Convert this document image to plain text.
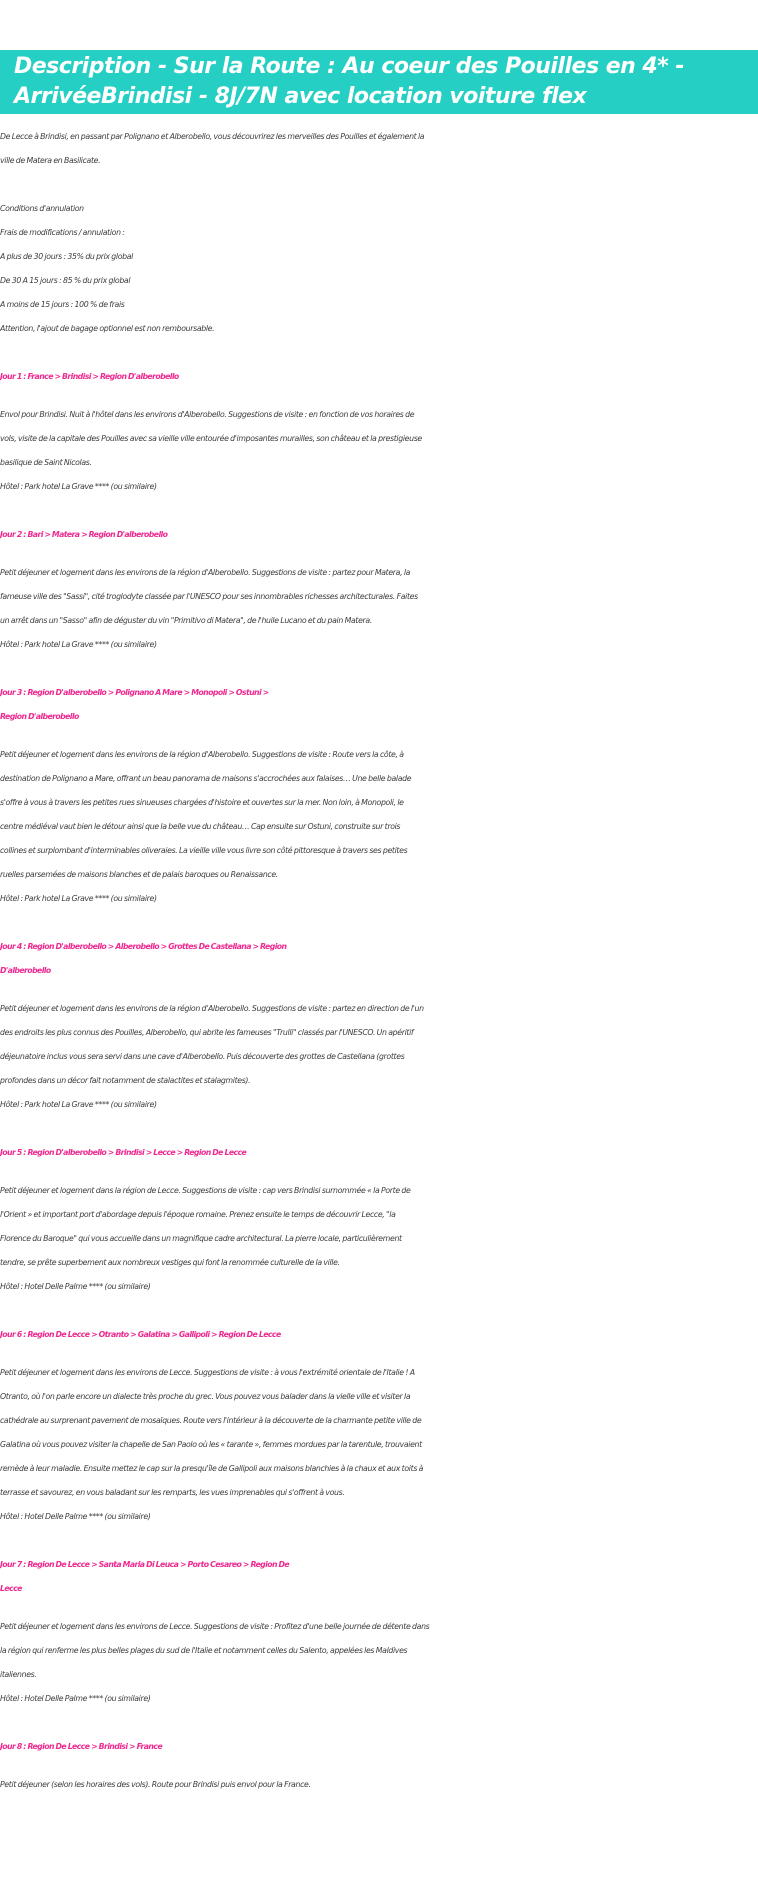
Description - Sur la Route : Au coeur des Pouilles en 4* - ArrivéeBrindisi - 8J/7N avec location voiture flex
De Lecce à Brindisi, en passant par Polignano et Alberobello, vous découvrirez les merveilles des Pouilles et également la
ville de Matera en Basilicate.
Conditions d'annulation
Frais de modifications / annulation :
A plus de 30 jours : 35% du prix global
De 30 A 15 jours : 85 % du prix global
A moins de 15 jours : 100 % de frais
Attention, l'ajout de bagage optionnel est non remboursable.
Jour 1 : France > Brindisi > Region D'alberobello
Envol pour Brindisi. Nuit à l'hôtel dans les environs d'Alberobello. Suggestions de visite : en fonction de vos horaires de
vols, visite de la capitale des Pouilles avec sa vieille ville entourée d'imposantes murailles, son château et la prestigieuse
basilique de Saint Nicolas.
Hôtel : Park hotel La Grave **** (ou similaire)
Jour 2 : Bari > Matera > Region D'alberobello
Petit déjeuner et logement dans les environs de la région d'Alberobello. Suggestions de visite : partez pour Matera, la
fameuse ville des "Sassi", cité troglodyte classée par l'UNESCO pour ses innombrables richesses architecturales. Faites
un arrêt dans un "Sasso" afin de déguster du vin "Primitivo di Matera", de l'huile Lucano et du pain Matera.
Hôtel : Park hotel La Grave **** (ou similaire)
Jour 3 : Region D'alberobello > Polignano A Mare > Monopoli > Ostuni >
Region D'alberobello
Petit déjeuner et logement dans les environs de la région d'Alberobello. Suggestions de visite : Route vers la côte, à
destination de Polignano a Mare, offrant un beau panorama de maisons s'accrochées aux falaises… Une belle balade
s'offre à vous à travers les petites rues sinueuses chargées d'histoire et ouvertes sur la mer. Non loin, à Monopoli, le
centre médiéval vaut bien le détour ainsi que la belle vue du château… Cap ensuite sur Ostuni, construite sur trois
collines et surplombant d'interminables oliveraies. La vieille ville vous livre son côté pittoresque à travers ses petites
ruelles parsemées de maisons blanches et de palais baroques ou Renaissance.
Hôtel : Park hotel La Grave **** (ou similaire)
Jour 4 : Region D'alberobello > Alberobello > Grottes De Castellana > Region
D'alberobello
Petit déjeuner et logement dans les environs de la région d'Alberobello. Suggestions de visite : partez en direction de l'un
des endroits les plus connus des Pouilles, Alberobello, qui abrite les fameuses "Trulli" classés par l'UNESCO. Un apéritif
déjeunatoire inclus vous sera servi dans une cave d'Alberobello. Puis découverte des grottes de Castellana (grottes
profondes dans un décor fait notamment de stalactites et stalagmites).
Hôtel : Park hotel La Grave **** (ou similaire)
Jour 5 : Region D'alberobello > Brindisi > Lecce > Region De Lecce
Petit déjeuner et logement dans la région de Lecce. Suggestions de visite : cap vers Brindisi surnommée « la Porte de
l'Orient » et important port d'abordage depuis l'époque romaine. Prenez ensuite le temps de découvrir Lecce, "la
Florence du Baroque" qui vous accueille dans un magnifique cadre architectural. La pierre locale, particulièrement
tendre, se prête superbement aux nombreux vestiges qui font la renommée culturelle de la ville.
Hôtel : Hotel Delle Palme **** (ou similaire)
Jour 6 : Region De Lecce > Otranto > Galatina > Gallipoli > Region De Lecce
Petit déjeuner et logement dans les environs de Lecce. Suggestions de visite : à vous l'extrémité orientale de l'Italie ! A
Otranto, où l'on parle encore un dialecte très proche du grec. Vous pouvez vous balader dans la vielle ville et visiter la
cathédrale au surprenant pavement de mosaïques. Route vers l'intérieur à la découverte de la charmante petite ville de
Galatina où vous pouvez visiter la chapelle de San Paolo où les « tarante », femmes mordues par la tarentule, trouvaient
remède à leur maladie. Ensuite mettez le cap sur la presqu'île de Gallipoli aux maisons blanchies à la chaux et aux toits à
terrasse et savourez, en vous baladant sur les remparts, les vues imprenables qui s'offrent à vous.
Hôtel : Hotel Delle Palme **** (ou similaire)
Jour 7 : Region De Lecce > Santa Maria Di Leuca > Porto Cesareo > Region De
Lecce
Petit déjeuner et logement dans les environs de Lecce. Suggestions de visite : Profitez d'une belle journée de détente dans
la région qui renferme les plus belles plages du sud de l'Italie et notamment celles du Salento, appelées les Maldives
italiennes.
Hôtel : Hotel Delle Palme **** (ou similaire)
Jour 8 : Region De Lecce > Brindisi > France
Petit déjeuner (selon les horaires des vols). Route pour Brindisi puis envol pour la France.
